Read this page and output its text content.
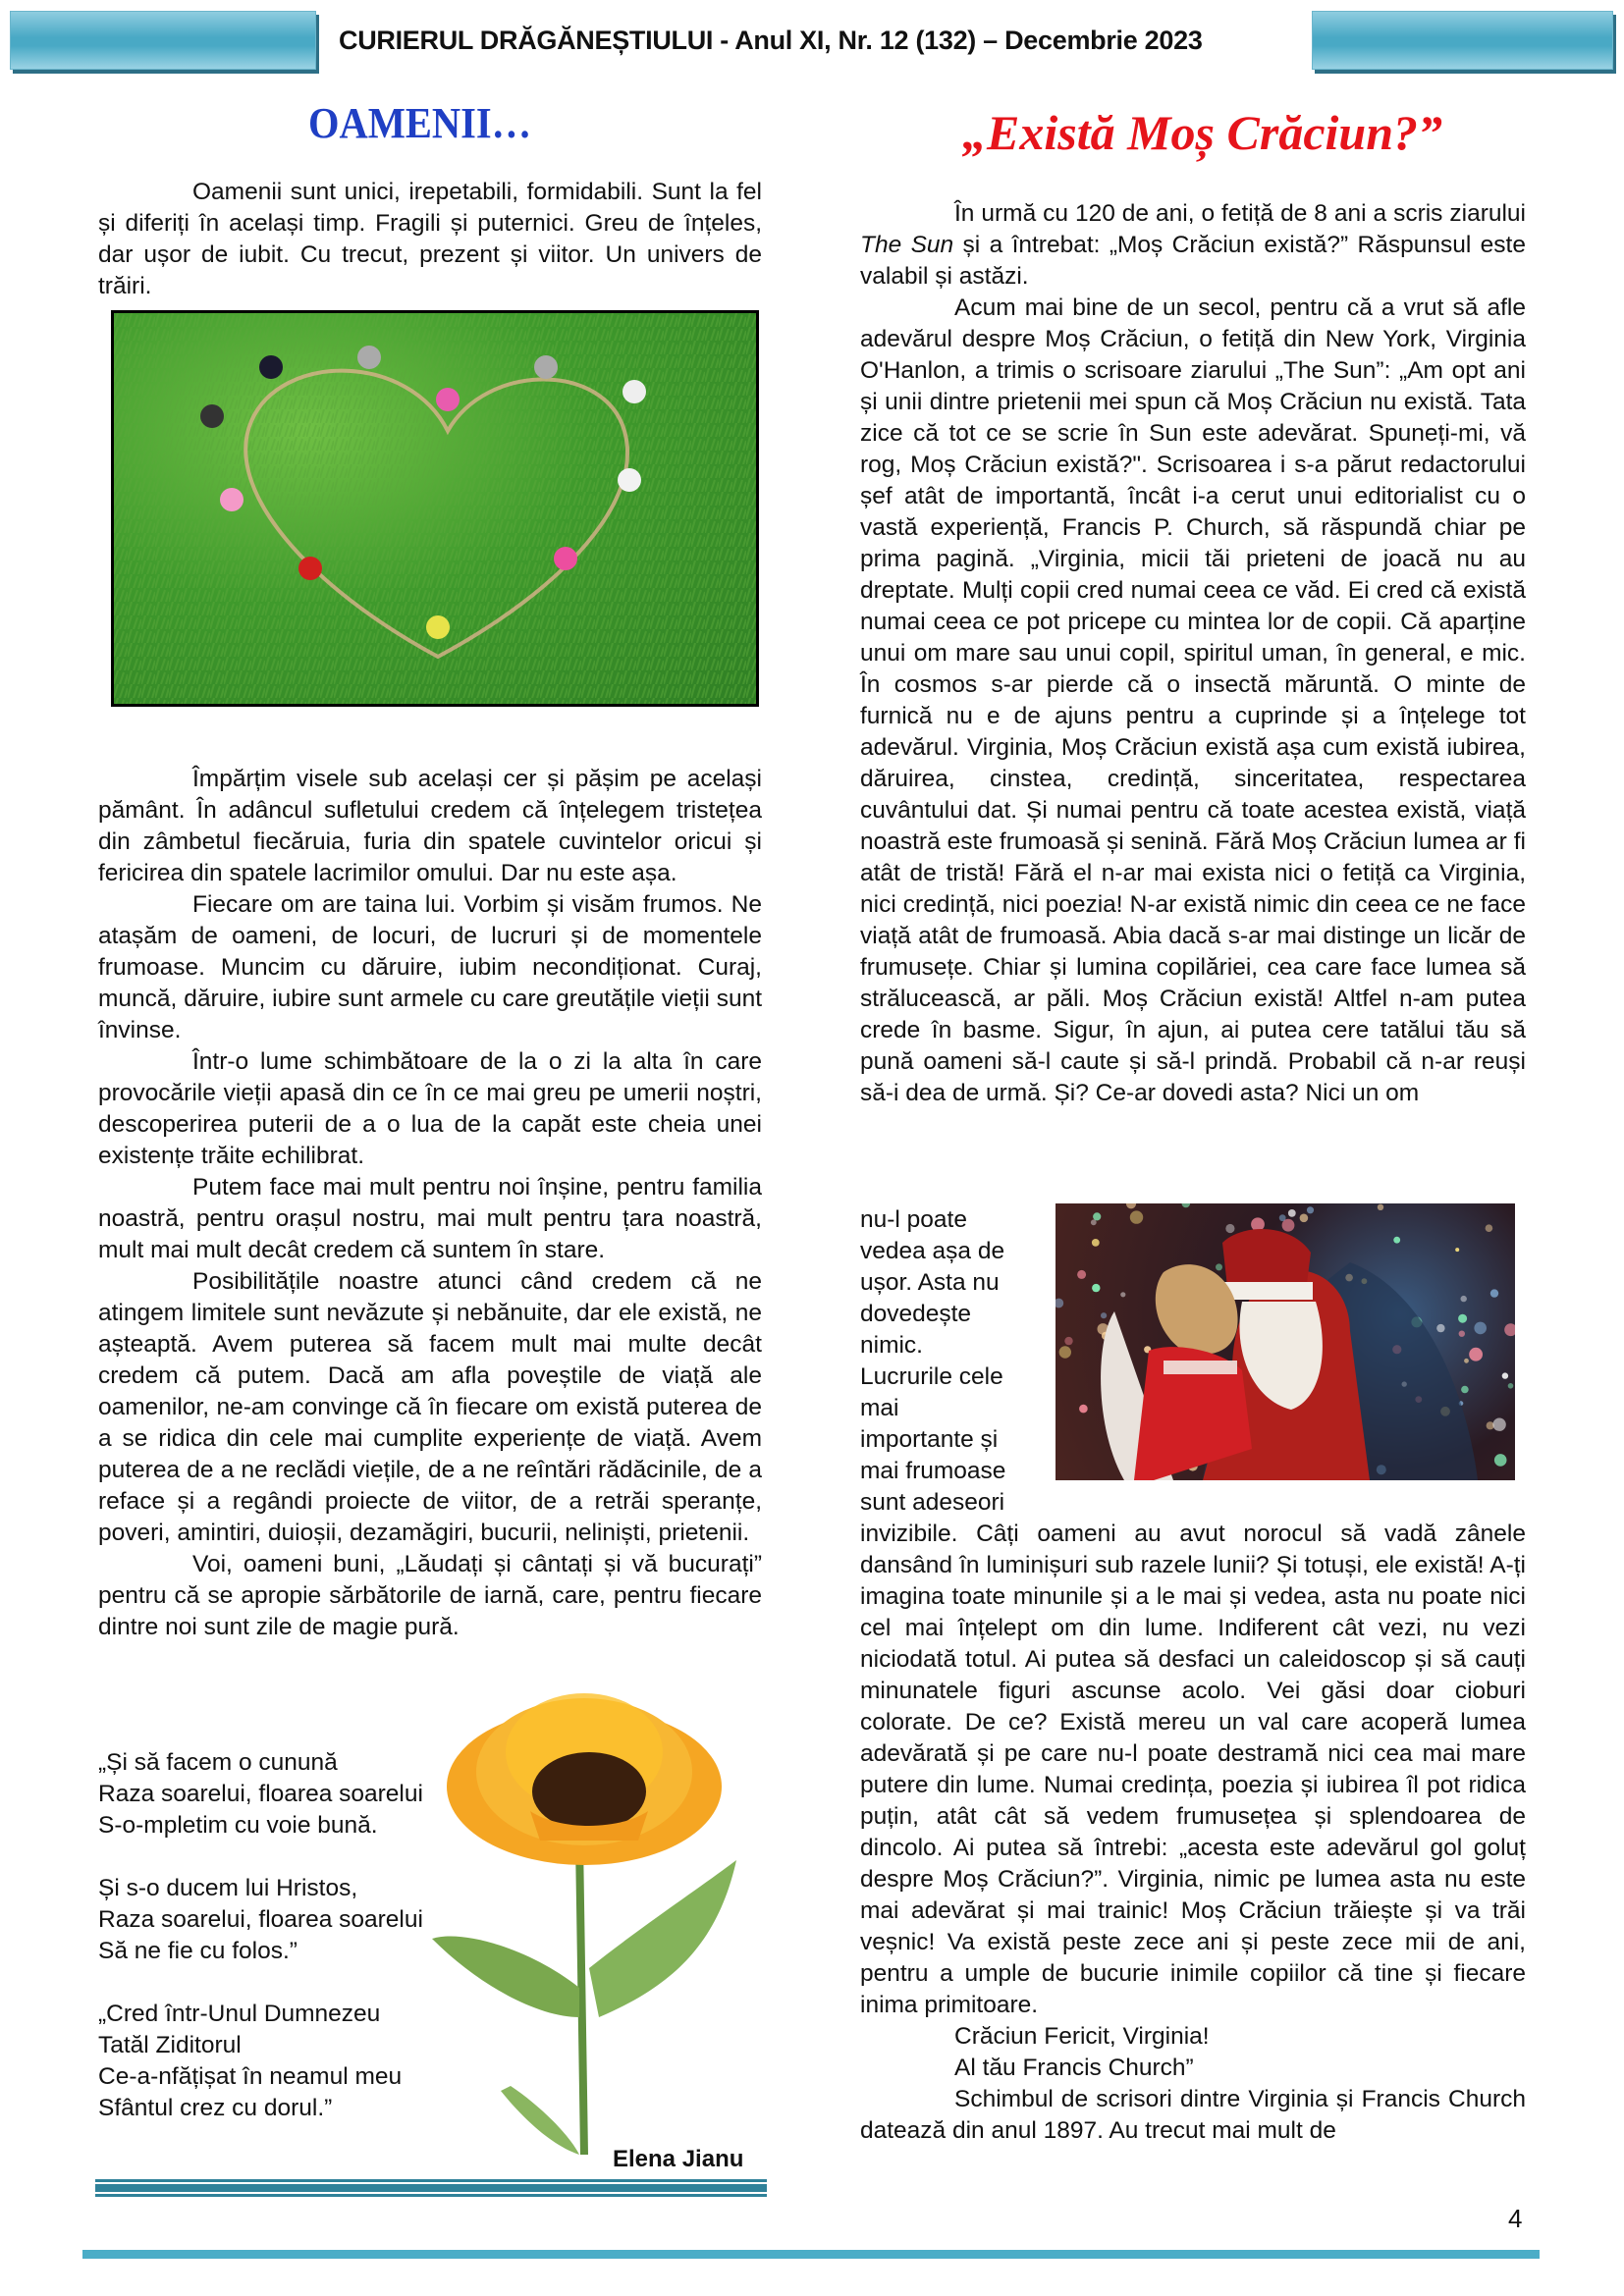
CURIERUL DRĂGĂNEȘTIULUI - Anul XI, Nr. 12 (132) – Decembrie 2023
OAMENII…

Oamenii sunt unici, irepetabili, formidabili. Sunt la fel și diferiți în același timp. Fragili și puternici. Greu de înțeles, dar ușor de iubit. Cu trecut, prezent și viitor. Un univers de trăiri.

Împărțim visele sub același cer și pășim pe același pământ. În adâncul sufletului credem că înțelegem tristețea din zâmbetul fiecăruia, furia din spatele cuvintelor oricui și fericirea din spatele lacrimilor omului. Dar nu este așa.

Fiecare om are taina lui. Vorbim și visăm frumos. Ne atașăm de oameni, de locuri, de lucruri și de momentele frumoase. Muncim cu dăruire, iubim necondiționat. Curaj, muncă, dăruire, iubire sunt armele cu care greutățile vieții sunt învinse.

Într-o lume schimbătoare de la o zi la alta în care provocările vieții apasă din ce în ce mai greu pe umerii noștri, descoperirea puterii de a o lua de la capăt este cheia unei existențe trăite echilibrat.

Putem face mai mult pentru noi înșine, pentru familia noastră, pentru orașul nostru, mai mult pentru țara noastră, mult mai mult decât credem că suntem în stare.

Posibilitățile noastre atunci când credem că ne atingem limitele sunt nevăzute și nebănuite, dar ele există, ne așteaptă. Avem puterea să facem mult mai multe decât credem că putem. Dacă am afla poveștile de viață ale oamenilor, ne-am convinge că în fiecare om există puterea de a se ridica din cele mai cumplite experiențe de viață. Avem puterea de a ne reclădi viețile, de a ne reîntări rădăcinile, de a reface și a regândi proiecte de viitor, de a retrăi speranțe, poveri, amintiri, duioșii, dezamăgiri, bucurii, neliniști, prietenii.

Voi, oameni buni, „Lăudați și cântați și vă bucurați” pentru că se apropie sărbătorile de iarnă, care, pentru fiecare dintre noi sunt zile de magie pură.

„Și să facem o cunună
Raza soarelui, floarea soarelui
S-o-mpletim cu voie bună.
Și s-o ducem lui Hristos,
Raza soarelui, floarea soarelui
Să ne fie cu folos.”
„Cred într-Unul Dumnezeu
Tatăl Ziditorul
Ce-a-nfățișat în neamul meu
Sfântul crez cu dorul.”
Elena Jianu
„Există Moș Crăciun?”

În urmă cu 120 de ani, o fetiță de 8 ani a scris ziarului The Sun și a întrebat: „Moș Crăciun există?” Răspunsul este valabil și astăzi.

Acum mai bine de un secol, pentru că a vrut să afle adevărul despre Moș Crăciun, o fetiță din New York, Virginia O'Hanlon, a trimis o scrisoare ziarului „The Sun”: „Am opt ani și unii dintre prietenii mei spun că Moș Crăciun nu există. Tata zice că tot ce se scrie în Sun este adevărat. Spuneți-mi, vă rog, Moș Crăciun există?". Scrisoarea i s-a părut redactorului șef atât de importantă, încât i-a cerut unui editorialist cu o vastă experiență, Francis P. Church, să răspundă chiar pe prima pagină. „Virginia, micii tăi prieteni de joacă nu au dreptate. Mulți copii cred numai ceea ce văd. Ei cred că există numai ceea ce pot pricepe cu mintea lor de copii. Că aparține unui om mare sau unui copil, spiritul uman, în general, e mic. În cosmos s-ar pierde că o insectă măruntă. O minte de furnică nu e de ajuns pentru a cuprinde și a înțelege tot adevărul. Virginia, Moș Crăciun există așa cum există iubirea, dăruirea, cinstea, credință, sinceritatea, respectarea cuvântului dat. Și numai pentru că toate acestea există, viață noastră este frumoasă și senină. Fără Moș Crăciun lumea ar fi atât de tristă! Fără el n-ar mai exista nici o fetiță ca Virginia, nici credință, nici poezia! N-ar există nimic din ceea ce ne face viață atât de frumoasă. Abia dacă s-ar mai distinge un licăr de frumusețe. Chiar și lumina copilăriei, cea care face lumea să strălucească, ar păli. Moș Crăciun există! Altfel n-am putea crede în basme. Sigur, în ajun, ai putea cere tatălui tău să pună oameni să-l caute și să-l prindă. Probabil că n-ar reuși să-i dea de urmă. Și? Ce-ar dovedi asta? Nici un om

nu-l poate
vedea așa de
ușor. Asta nu
dovedește
nimic.
Lucrurile cele
mai
importante și
mai frumoase
sunt adeseori

invizibile. Câți oameni au avut norocul să vadă zânele dansând în luminișuri sub razele lunii? Și totuși, ele există! A-ți imagina toate minunile și a le mai și vedea, asta nu poate nici cel mai înțelept om din lume. Indiferent cât vezi, nu vezi niciodată totul. Ai putea să desfaci un caleidoscop și să cauți minunatele figuri ascunse acolo. Vei găsi doar cioburi colorate. De ce? Există mereu un val care acoperă lumea adevărată și pe care nu-l poate destramă nici cea mai mare putere din lume. Numai credința, poezia și iubirea îl pot ridica puțin, atât cât să vedem frumusețea și splendoarea de dincolo. Ai putea să întrebi: „acesta este adevărul gol goluț despre Moș Crăciun?”. Virginia, nimic pe lumea asta nu este mai adevărat și mai trainic! Moș Crăciun trăiește și va trăi veșnic! Va există peste zece ani și peste zece mii de ani, pentru a umple de bucurie inimile copiilor că tine și fiecare inima primitoare.

Crăciun Fericit, Virginia!

Al tău Francis Church”

Schimbul de scrisori dintre Virginia și Francis Church datează din anul 1897. Au trecut mai mult de

4
